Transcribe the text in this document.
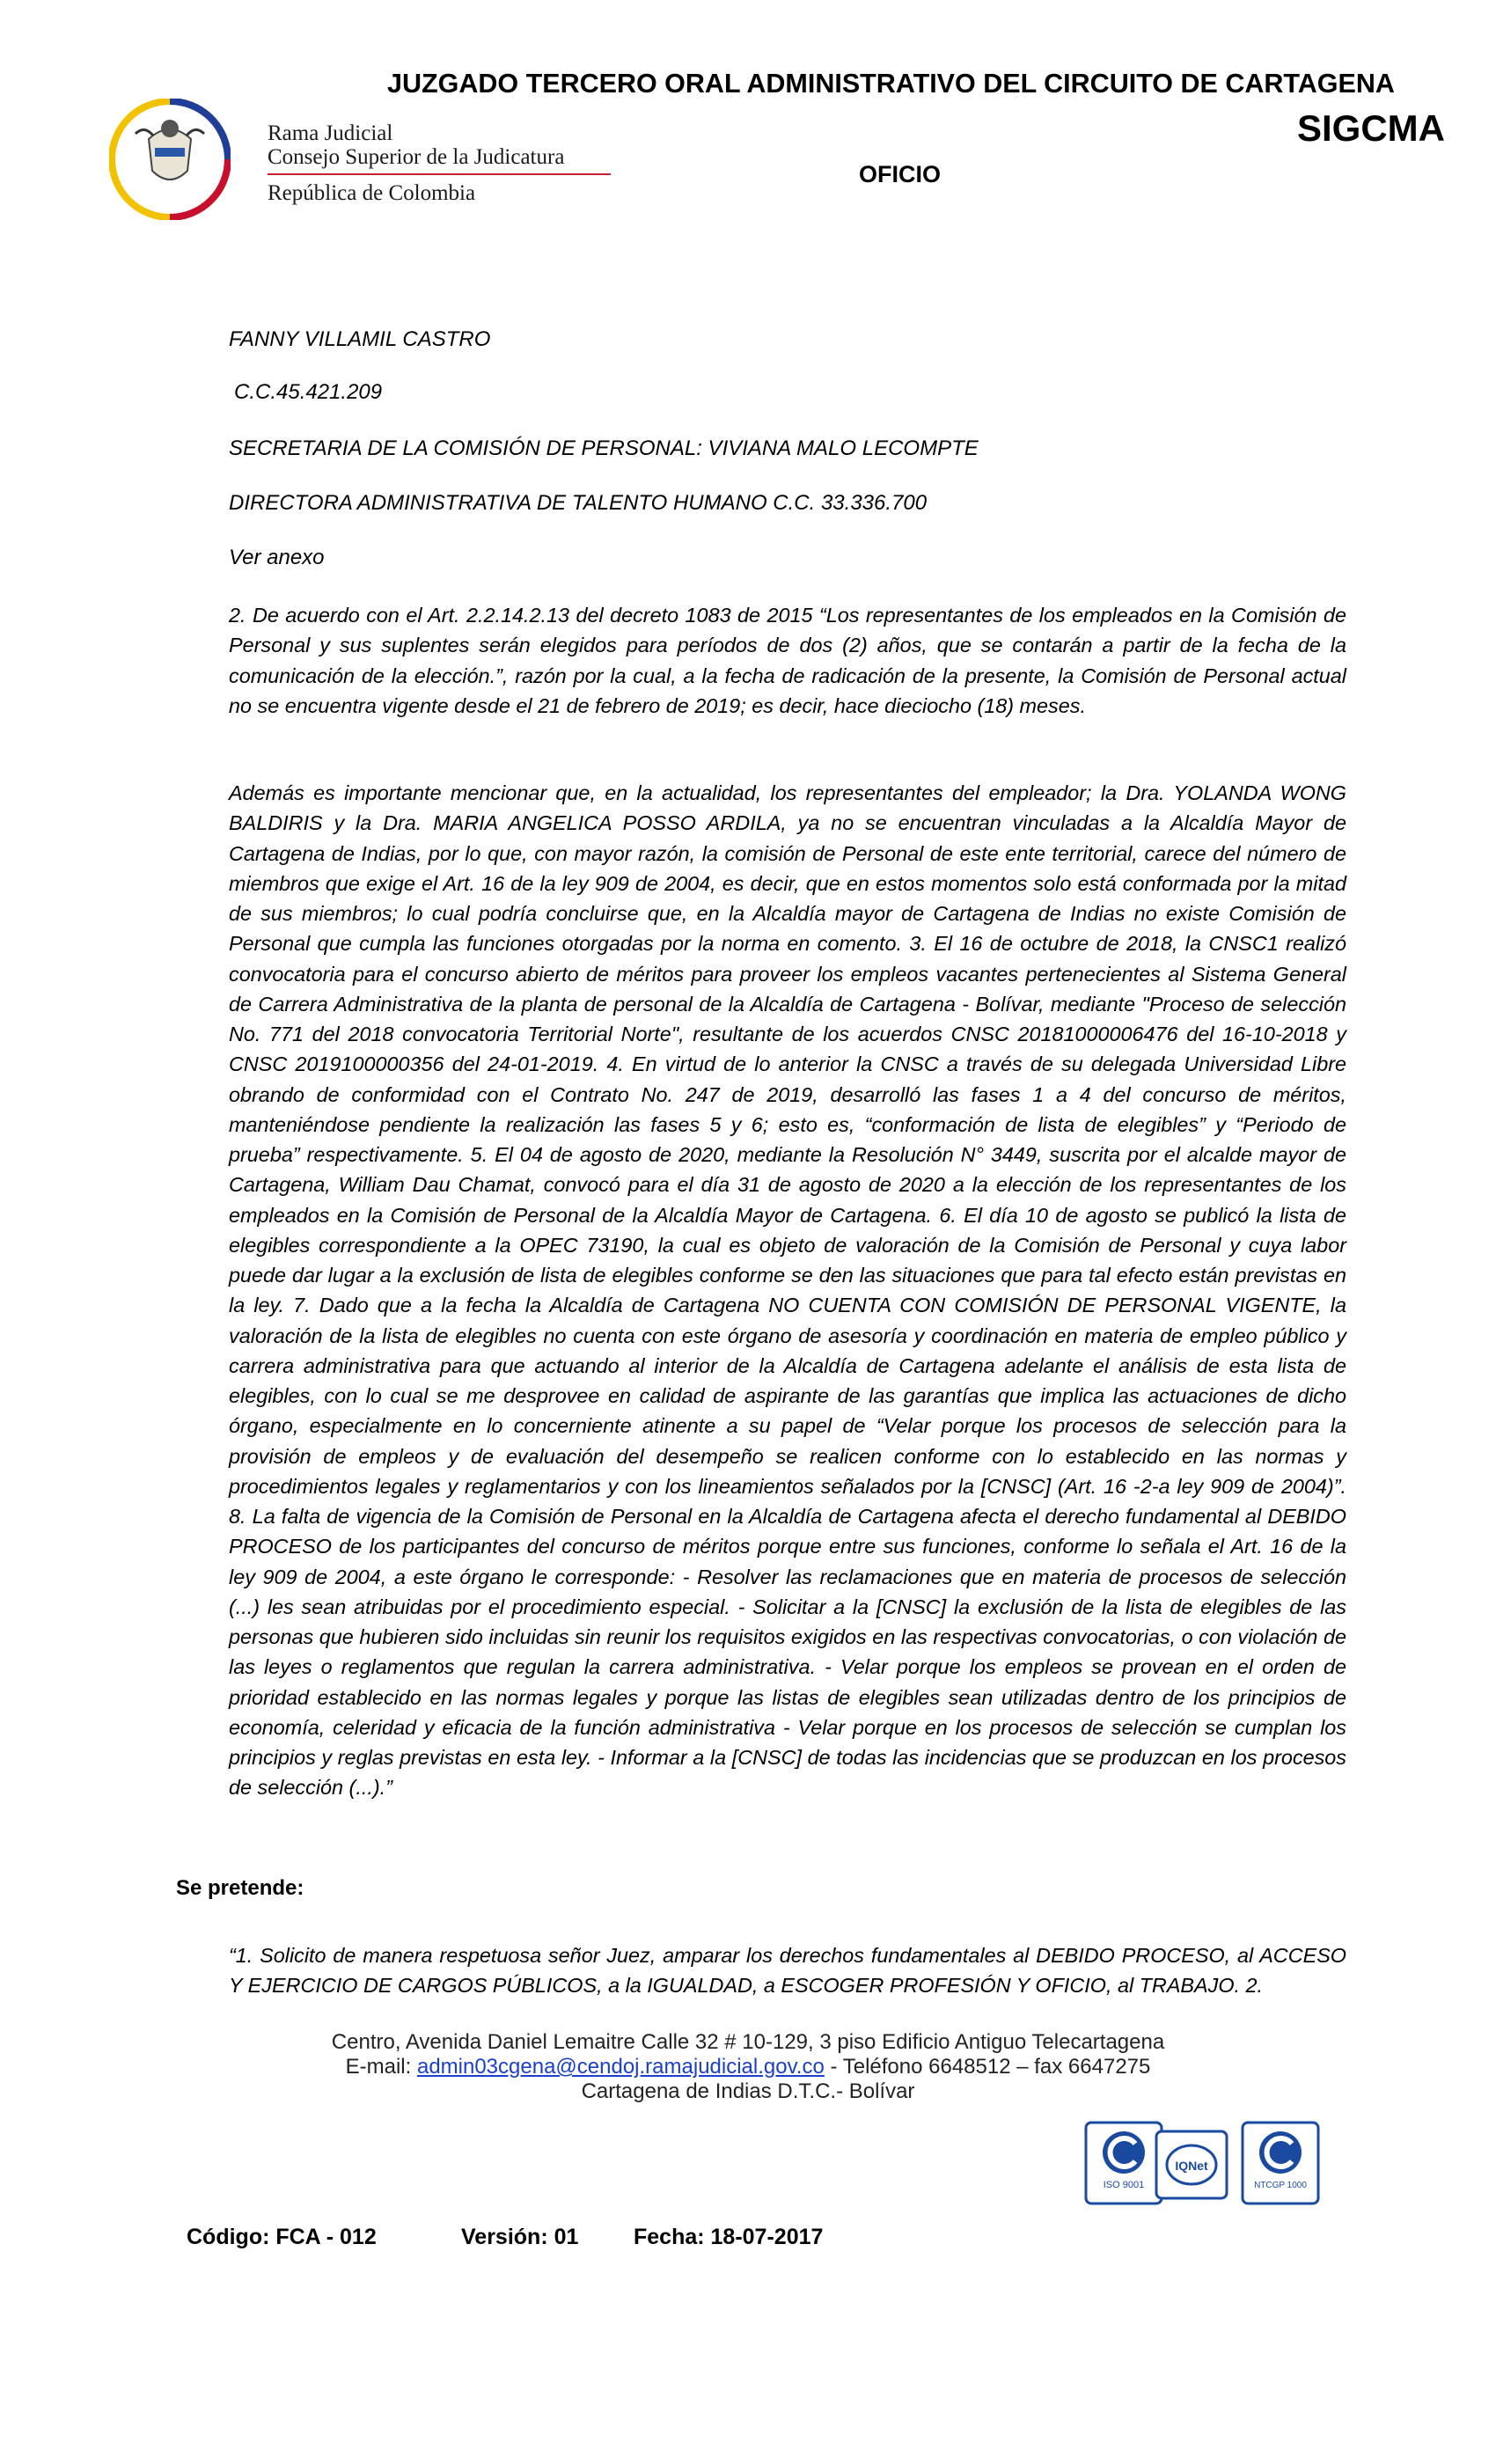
Rama Judicial
Consejo Superior de la Judicatura
República de Colombia
JUZGADO TERCERO ORAL ADMINISTRATIVO DEL CIRCUITO DE CARTAGENA
SIGCMA
OFICIO
FANNY VILLAMIL CASTRO
C.C.45.421.209
SECRETARIA DE LA COMISIÓN DE PERSONAL: VIVIANA MALO LECOMPTE
DIRECTORA ADMINISTRATIVA DE TALENTO HUMANO C.C. 33.336.700
Ver anexo
2. De acuerdo con el Art. 2.2.14.2.13 del decreto 1083 de 2015 “Los representantes de los empleados en la Comisión de Personal y sus suplentes serán elegidos para períodos de dos (2) años, que se contarán a partir de la fecha de la comunicación de la elección.”, razón por la cual, a la fecha de radicación de la presente, la Comisión de Personal actual no se encuentra vigente desde el 21 de febrero de 2019; es decir, hace dieciocho (18) meses.
Además es importante mencionar que, en la actualidad, los representantes del empleador; la Dra. YOLANDA WONG BALDIRIS y la Dra. MARIA ANGELICA POSSO ARDILA, ya no se encuentran vinculadas a la Alcaldía Mayor de Cartagena de Indias, por lo que, con mayor razón, la comisión de Personal de este ente territorial, carece del número de miembros que exige el Art. 16 de la ley 909 de 2004, es decir, que en estos momentos solo está conformada por la mitad de sus miembros; lo cual podría concluirse que, en la Alcaldía mayor de Cartagena de Indias no existe Comisión de Personal que cumpla las funciones otorgadas por la norma en comento. 3. El 16 de octubre de 2018, la CNSC1 realizó convocatoria para el concurso abierto de méritos para proveer los empleos vacantes pertenecientes al Sistema General de Carrera Administrativa de la planta de personal de la Alcaldía de Cartagena - Bolívar, mediante "Proceso de selección No. 771 del 2018 convocatoria Territorial Norte", resultante de los acuerdos CNSC 20181000006476 del 16-10-2018 y CNSC 2019100000356 del 24-01-2019. 4. En virtud de lo anterior la CNSC a través de su delegada Universidad Libre obrando de conformidad con el Contrato No. 247 de 2019, desarrolló las fases 1 a 4 del concurso de méritos, manteniéndose pendiente la realización las fases 5 y 6; esto es, “conformación de lista de elegibles” y “Periodo de prueba” respectivamente. 5. El 04 de agosto de 2020, mediante la Resolución N° 3449, suscrita por el alcalde mayor de Cartagena, William Dau Chamat, convocó para el día 31 de agosto de 2020 a la elección de los representantes de los empleados en la Comisión de Personal de la Alcaldía Mayor de Cartagena. 6. El día 10 de agosto se publicó la lista de elegibles correspondiente a la OPEC 73190, la cual es objeto de valoración de la Comisión de Personal y cuya labor puede dar lugar a la exclusión de lista de elegibles conforme se den las situaciones que para tal efecto están previstas en la ley. 7. Dado que a la fecha la Alcaldía de Cartagena NO CUENTA CON COMISIÓN DE PERSONAL VIGENTE, la valoración de la lista de elegibles no cuenta con este órgano de asesoría y coordinación en materia de empleo público y carrera administrativa para que actuando al interior de la Alcaldía de Cartagena adelante el análisis de esta lista de elegibles, con lo cual se me desprovee en calidad de aspirante de las garantías que implica las actuaciones de dicho órgano, especialmente en lo concerniente atinente a su papel de “Velar porque los procesos de selección para la provisión de empleos y de evaluación del desempeño se realicen conforme con lo establecido en las normas y procedimientos legales y reglamentarios y con los lineamientos señalados por la [CNSC] (Art. 16 -2-a ley 909 de 2004)”. 8. La falta de vigencia de la Comisión de Personal en la Alcaldía de Cartagena afecta el derecho fundamental al DEBIDO PROCESO de los participantes del concurso de méritos porque entre sus funciones, conforme lo señala el Art. 16 de la ley 909 de 2004, a este órgano le corresponde: - Resolver las reclamaciones que en materia de procesos de selección (...) les sean atribuidas por el procedimiento especial. - Solicitar a la [CNSC] la exclusión de la lista de elegibles de las personas que hubieren sido incluidas sin reunir los requisitos exigidos en las respectivas convocatorias, o con violación de las leyes o reglamentos que regulan la carrera administrativa. - Velar porque los empleos se provean en el orden de prioridad establecido en las normas legales y porque las listas de elegibles sean utilizadas dentro de los principios de economía, celeridad y eficacia de la función administrativa - Velar porque en los procesos de selección se cumplan los principios y reglas previstas en esta ley. - Informar a la [CNSC] de todas las incidencias que se produzcan en los procesos de selección (...).”
Se pretende:
“1. Solicito de manera respetuosa señor Juez, amparar los derechos fundamentales al DEBIDO PROCESO, al ACCESO Y EJERCICIO DE CARGOS PÚBLICOS, a la IGUALDAD, a ESCOGER PROFESIÓN Y OFICIO, al TRABAJO. 2.
Centro, Avenida Daniel Lemaitre Calle 32 # 10-129, 3 piso Edificio Antiguo Telecartagena
E-mail: admin03cgena@cendoj.ramajudicial.gov.co - Teléfono 6648512 – fax 6647275
Cartagena de Indias D.T.C.- Bolívar
ISO 9001
IQNet
NTCGP 1000
Código: FCA - 012	Versión: 01	Fecha: 18-07-2017
